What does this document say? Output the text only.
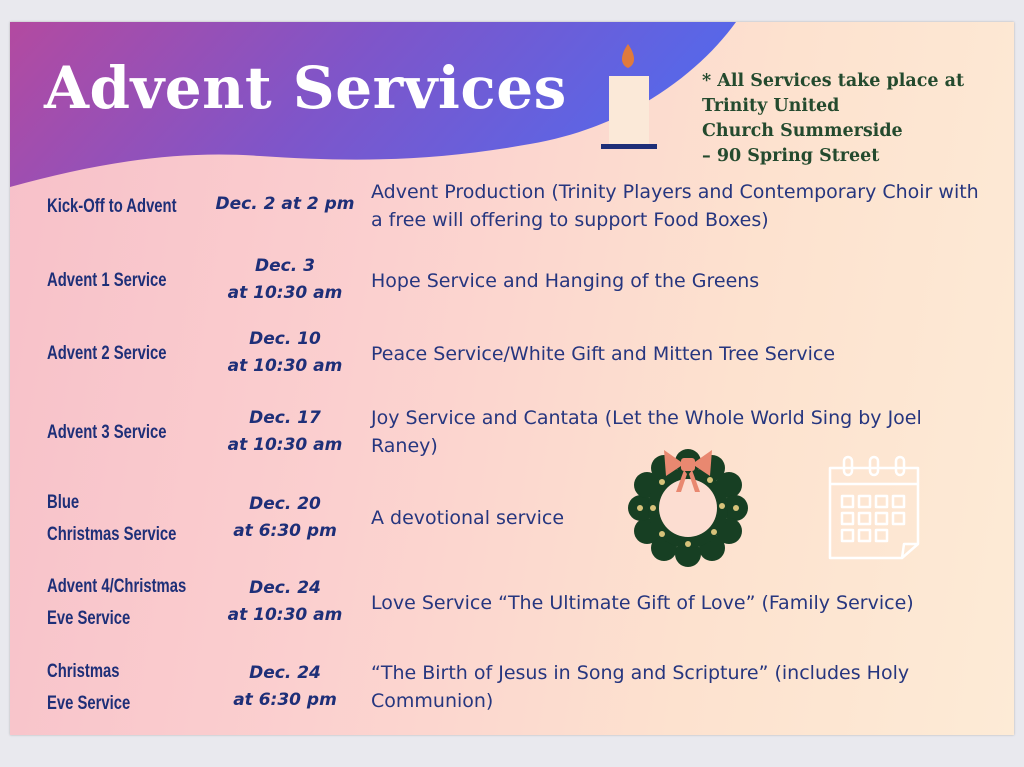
Advent Services	* All Services take place at
Trinity United
Church Summerside
– 90 Spring Street
Kick-Off to Advent	Dec. 2 at 2 pm
Advent Production (Trinity Players and Contemporary Choir with a free will offering to support Food Boxes)
Advent 1 Service
Dec. 3
at 10:30 am
Hope Service and Hanging of the Greens
Advent 2 Service
Dec. 10
at 10:30 am
Peace Service/White Gift and Mitten Tree Service
Advent 3 Service
Dec. 17
at 10:30 am
Joy Service and Cantata (Let the Whole World Sing by Joel Raney)
Blue
Christmas Service
Dec. 20
at 6:30 pm
A devotional service
Advent 4/Christmas
Eve Service
Dec. 24
at 10:30 am
Love Service “The Ultimate Gift of Love” (Family Service)
Christmas
Eve Service
Dec. 24
at 6:30 pm
“The Birth of Jesus in Song and Scripture” (includes Holy Communion)
